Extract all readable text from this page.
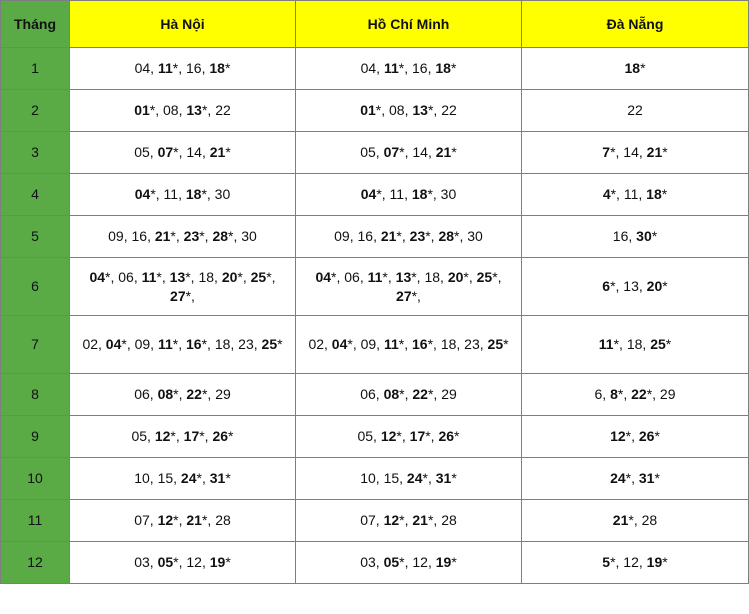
Tháng	Hà Nội	Hồ Chí Minh	Đà Nẵng
1	04, 11*, 16, 18*	04, 11*, 16, 18*	18*
2	01*, 08, 13*, 22	01*, 08, 13*, 22	22
3	05, 07*, 14, 21*	05, 07*, 14, 21*	7*, 14, 21*
4	04*, 11, 18*, 30	04*, 11, 18*, 30	4*, 11, 18*
5	09, 16, 21*, 23*, 28*, 30	09, 16, 21*, 23*, 28*, 30	16, 30*
6	04*, 06, 11*, 13*, 18, 20*, 25*, 27*,	04*, 06, 11*, 13*, 18, 20*, 25*, 27*,	6*, 13, 20*
7	02, 04*, 09, 11*, 16*, 18, 23, 25*	02, 04*, 09, 11*, 16*, 18, 23, 25*	11*, 18, 25*
8	06, 08*, 22*, 29	06, 08*, 22*, 29	6, 8*, 22*, 29
9	05, 12*, 17*, 26*	05, 12*, 17*, 26*	12*, 26*
10	10, 15, 24*, 31*	10, 15, 24*, 31*	24*, 31*
11	07, 12*, 21*, 28	07, 12*, 21*, 28	21*, 28
12	03, 05*, 12, 19*	03, 05*, 12, 19*	5*, 12, 19*
